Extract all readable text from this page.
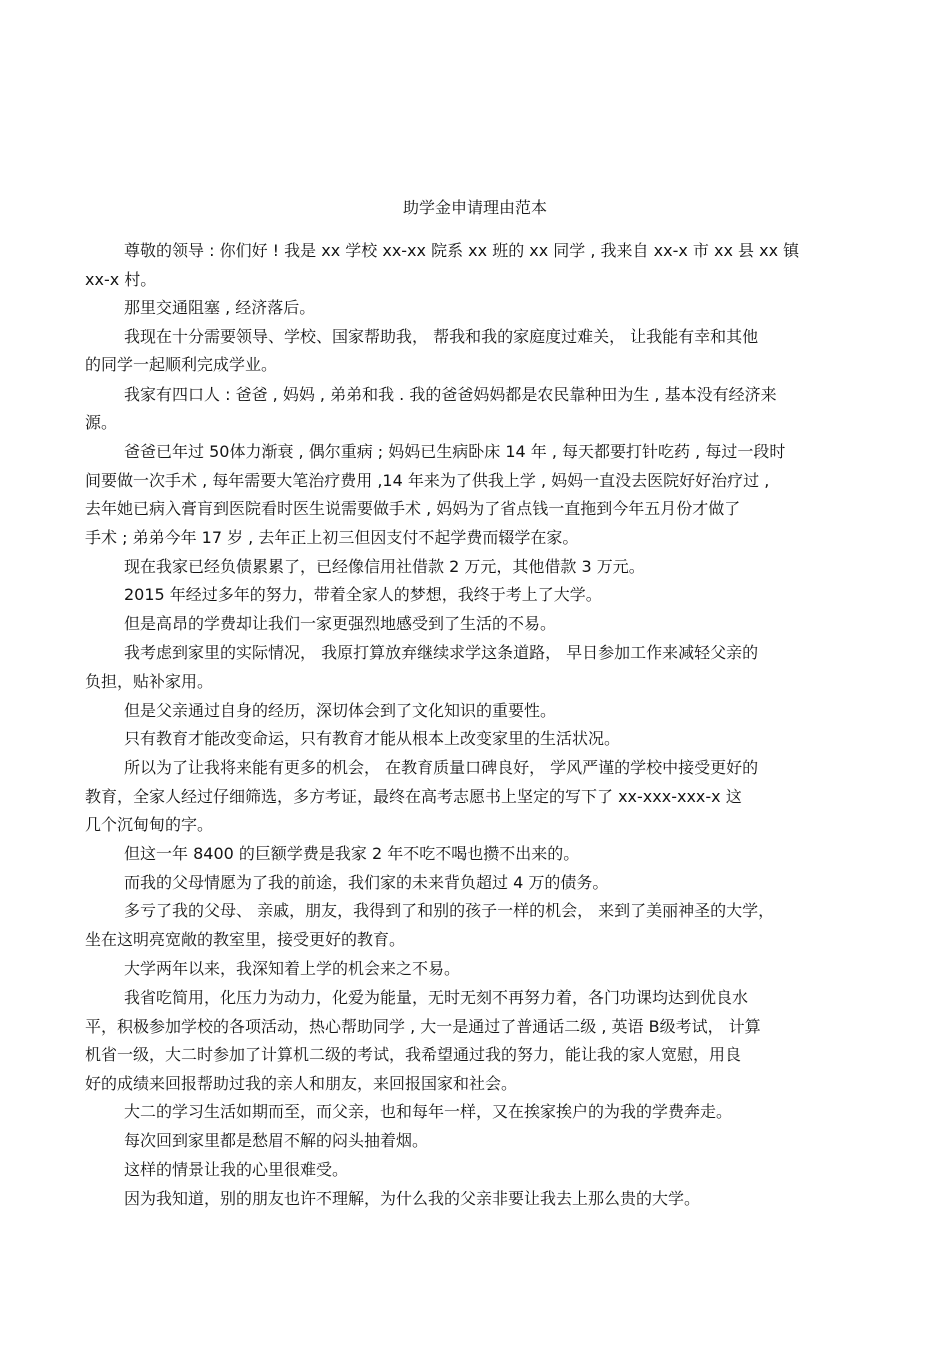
助学金申请理由范本

尊敬的领导 : 你们好 ! 我是 xx 学校 xx-xx 院系 xx 班的 xx 同学 , 我来自 xx-x 市 xx 县 xx 镇

xx-x 村。

那里交通阻塞 , 经济落后。

我现在十分需要领导、学校、国家帮助我， 帮我和我的家庭度过难关， 让我能有幸和其他

的同学一起顺利完成学业。

我家有四口人 : 爸爸 , 妈妈 , 弟弟和我 . 我的爸爸妈妈都是农民靠种田为生 , 基本没有经济来

源。

爸爸已年过 50体力渐衰 , 偶尔重病 ; 妈妈已生病卧床 14 年 , 每天都要打针吃药 , 每过一段时

间要做一次手术 , 每年需要大笔治疗费用 ,14 年来为了供我上学 , 妈妈一直没去医院好好治疗过 ,

去年她已病入膏肓到医院看时医生说需要做手术 , 妈妈为了省点钱一直拖到今年五月份才做了

手术 ; 弟弟今年 17 岁 , 去年正上初三但因支付不起学费而辍学在家。

现在我家已经负债累累了，已经像信用社借款 2 万元，其他借款 3 万元。

2015 年经过多年的努力，带着全家人的梦想，我终于考上了大学。

但是高昂的学费却让我们一家更强烈地感受到了生活的不易。

我考虑到家里的实际情况， 我原打算放弃继续求学这条道路， 早日参加工作来减轻父亲的

负担，贴补家用。

但是父亲通过自身的经历，深切体会到了文化知识的重要性。

只有教育才能改变命运，只有教育才能从根本上改变家里的生活状况。

所以为了让我将来能有更多的机会， 在教育质量口碑良好， 学风严谨的学校中接受更好的

教育，全家人经过仔细筛选，多方考证，最终在高考志愿书上坚定的写下了 xx-xxx-xxx-x 这

几个沉甸甸的字。

但这一年 8400 的巨额学费是我家 2 年不吃不喝也攒不出来的。

而我的父母情愿为了我的前途，我们家的未来背负超过 4 万的债务。

多亏了我的父母、 亲戚，朋友，我得到了和别的孩子一样的机会， 来到了美丽神圣的大学，

坐在这明亮宽敞的教室里，接受更好的教育。

大学两年以来，我深知着上学的机会来之不易。

我省吃简用，化压力为动力，化爱为能量，无时无刻不再努力着，各门功课均达到优良水

平，积极参加学校的各项活动，热心帮助同学 , 大一是通过了普通话二级 , 英语 B级考试， 计算

机省一级，大二时参加了计算机二级的考试，我希望通过我的努力，能让我的家人宽慰，用良

好的成绩来回报帮助过我的亲人和朋友，来回报国家和社会。

大二的学习生活如期而至，而父亲，也和每年一样，又在挨家挨户的为我的学费奔走。

每次回到家里都是愁眉不解的闷头抽着烟。

这样的情景让我的心里很难受。

因为我知道，别的朋友也许不理解，为什么我的父亲非要让我去上那么贵的大学。
